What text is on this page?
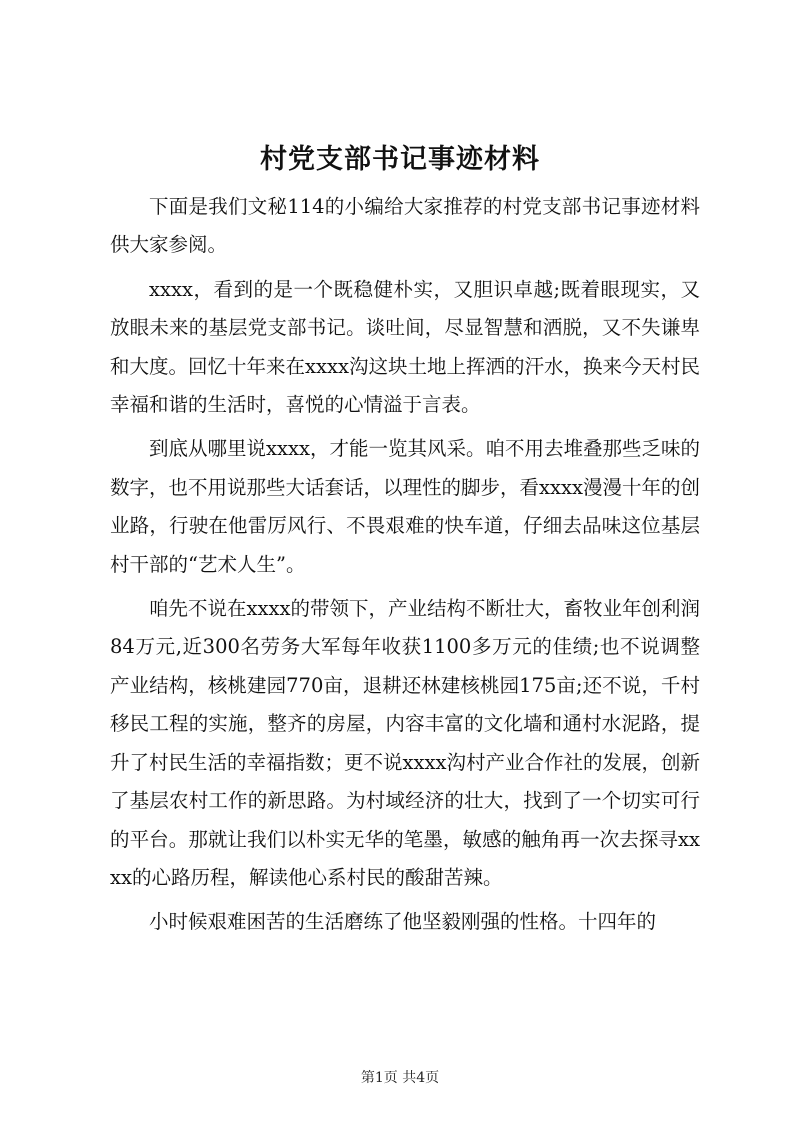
村党支部书记事迹材料

下面是我们文秘114的小编给大家推荐的村党支部书记事迹材料供大家参阅。

xxxx，看到的是一个既稳健朴实，又胆识卓越;既着眼现实，又放眼未来的基层党支部书记。谈吐间，尽显智慧和洒脱，又不失谦卑和大度。回忆十年来在xxxx沟这块土地上挥洒的汗水，换来今天村民幸福和谐的生活时，喜悦的心情溢于言表。

到底从哪里说xxxx，才能一览其风采。咱不用去堆叠那些乏味的数字，也不用说那些大话套话，以理性的脚步，看xxxx漫漫十年的创业路，行驶在他雷厉风行、不畏艰难的快车道，仔细去品味这位基层村干部的“艺术人生”。

咱先不说在xxxx的带领下，产业结构不断壮大，畜牧业年创利润84万元,近300名劳务大军每年收获1100多万元的佳绩;也不说调整产业结构，核桃建园770亩，退耕还林建核桃园175亩;还不说，千村移民工程的实施，整齐的房屋，内容丰富的文化墙和通村水泥路，提升了村民生活的幸福指数；更不说xxxx沟村产业合作社的发展，创新了基层农村工作的新思路。为村域经济的壮大，找到了一个切实可行的平台。那就让我们以朴实无华的笔墨，敏感的触角再一次去探寻xxxx的心路历程，解读他心系村民的酸甜苦辣。

小时候艰难困苦的生活磨练了他坚毅刚强的性格。十四年的

第1页 共4页
